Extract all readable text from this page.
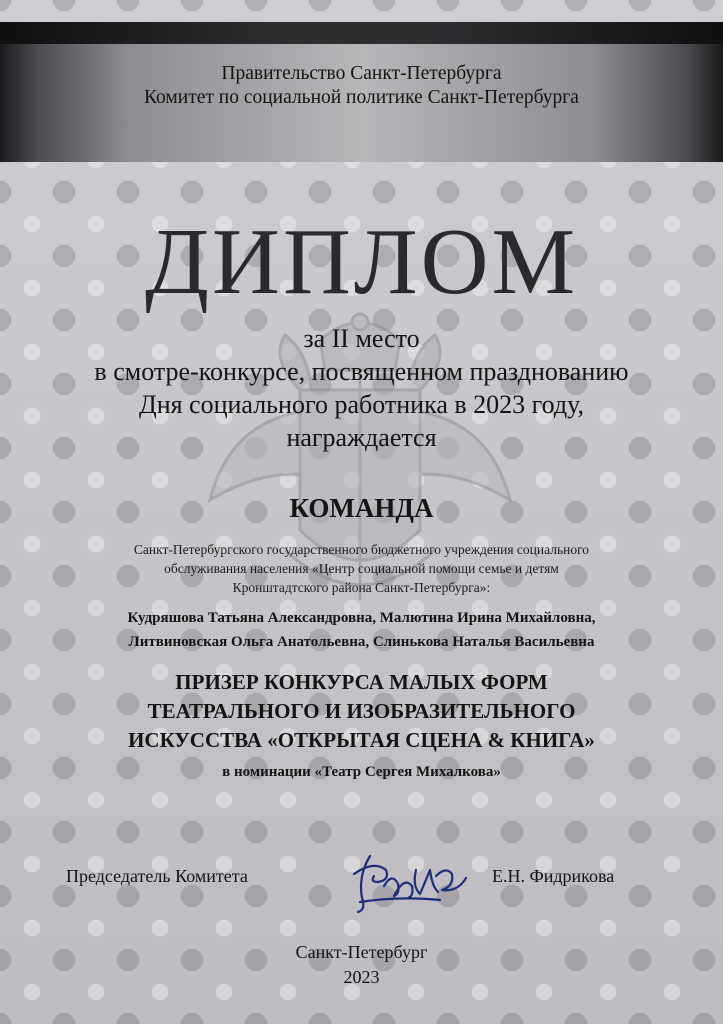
Правительство Санкт-Петербурга
Комитет по социальной политике Санкт-Петербурга
ДИПЛОМ
за II место
в смотре-конкурсе, посвященном празднованию
Дня социального работника в 2023 году,
награждается
КОМАНДА
Санкт-Петербургского государственного бюджетного учреждения социального
обслуживания населения «Центр социальной помощи семье и детям
Кронштадтского района Санкт-Петербурга»:
Кудряшова Татьяна Александровна, Малютина Ирина Михайловна,
Литвиновская Ольга Анатольевна, Слинькова Наталья Васильевна
ПРИЗЕР КОНКУРСА МАЛЫХ ФОРМ
ТЕАТРАЛЬНОГО И ИЗОБРАЗИТЕЛЬНОГО
ИСКУССТВА «ОТКРЫТАЯ СЦЕНА & КНИГА»
в номинации «Театр Сергея Михалкова»
Председатель Комитета	Е.Н. Фидрикова
Санкт-Петербург
2023
